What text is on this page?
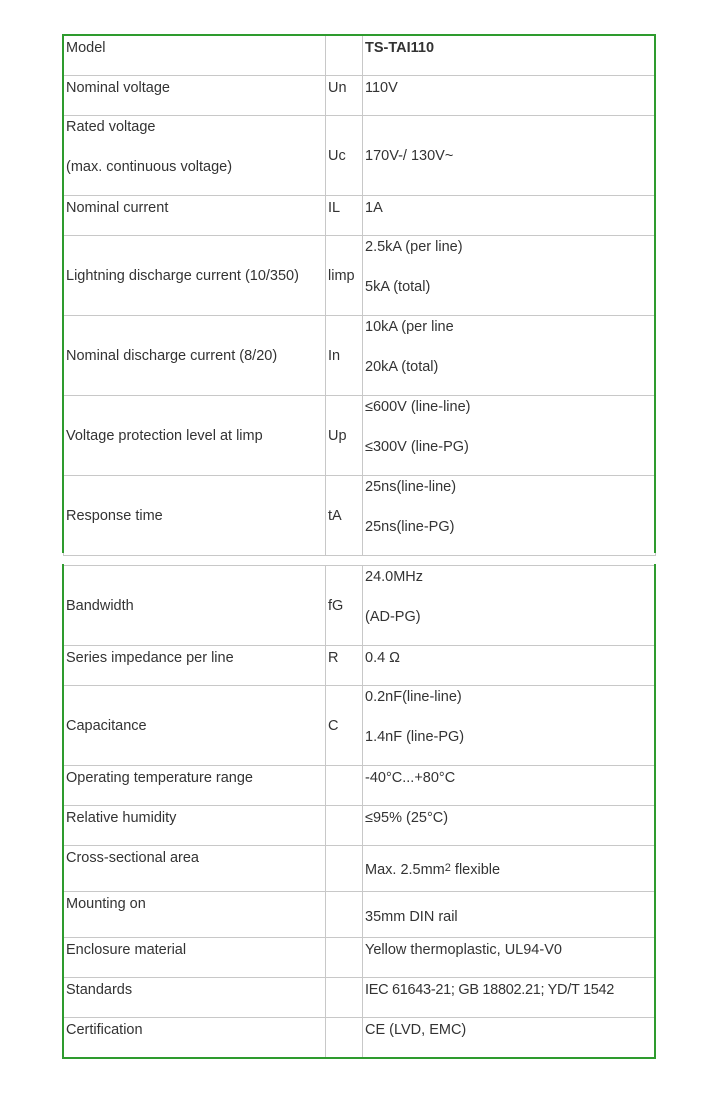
Model		TS-TAI110
Nominal voltage	Un	110V

Rated voltage
(max. continuous voltage)	Uc	170V-/ 130V~
Nominal current	IL	1A
Lightning discharge current (10/350)	limp	2.5kA (per line)
5kA (total)

Nominal discharge current (8/20)	In	10kA (per line
20kA (total)

Voltage protection level at limp	Up	≤600V (line-line)
≤300V (line-PG)

Response time	tA	25ns(line-line)
25ns(line-PG)

Bandwidth	fG	24.0MHz
(AD-PG)

Series impedance per line	R	0.4 Ω
Capacitance	C	0.2nF(line-line)
1.4nF (line-PG)

Operating temperature range		-40°C...+80°C
Relative humidity		≤95% (25°C)
Cross-sectional area		Max. $2.5mm^2$ flexible
Mounting on		35mm DIN rail
Enclosure material		Yellow thermoplastic, UL94-V0
Standards		IEC 61643-21; GB 18802.21; YD/T 1542
Certification		CE (LVD, EMC)
